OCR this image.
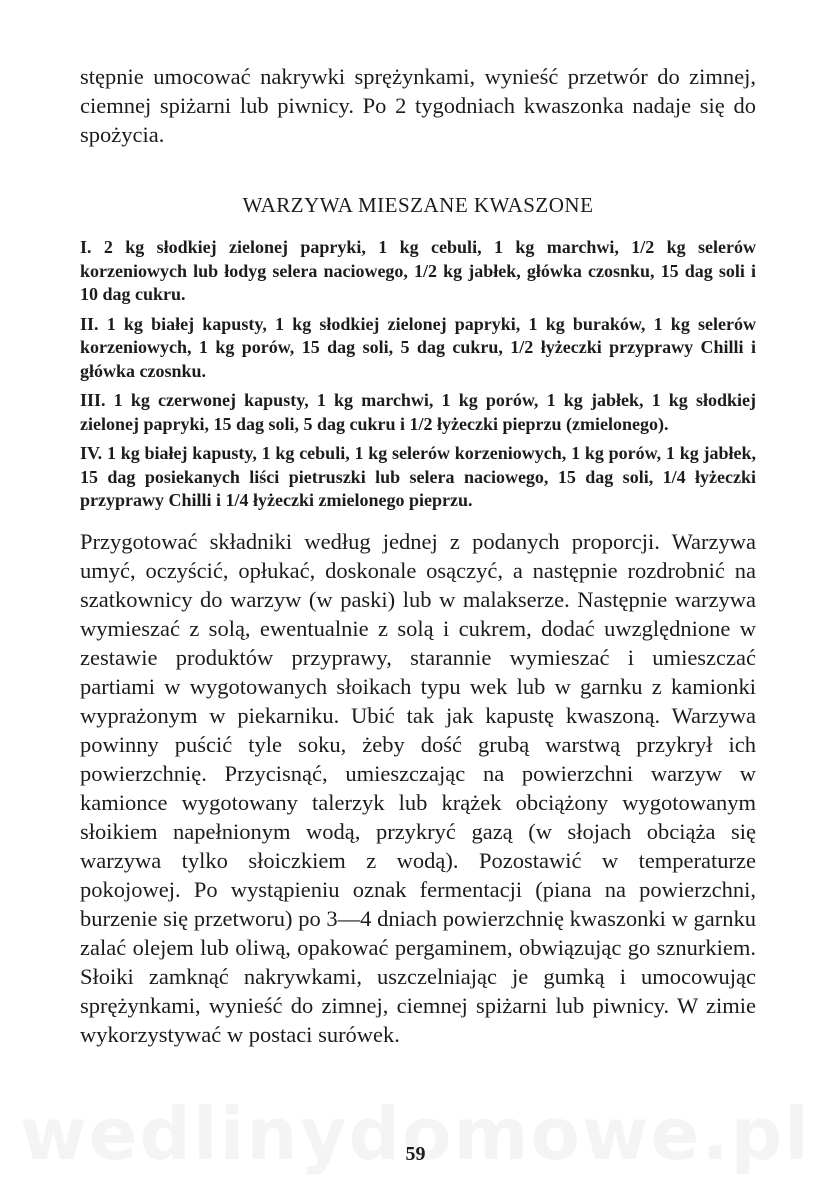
stępnie umocować nakrywki sprężynkami, wynieść przetwór do zimnej, ciemnej spiżarni lub piwnicy. Po 2 tygodniach kwaszonka nadaje się do spożycia.

WARZYWA MIESZANE KWASZONE
I. 2 kg słodkiej zielonej papryki, 1 kg cebuli, 1 kg marchwi, 1/2 kg selerów korzeniowych lub łodyg selera naciowego, 1/2 kg jabłek, główka czosnku, 15 dag soli i 10 dag cukru.
II. 1 kg białej kapusty, 1 kg słodkiej zielonej papryki, 1 kg buraków, 1 kg selerów korzeniowych, 1 kg porów, 15 dag soli, 5 dag cukru, 1/2 łyżeczki przyprawy Chilli i główka czosnku.
III. 1 kg czerwonej kapusty, 1 kg marchwi, 1 kg porów, 1 kg jabłek, 1 kg słodkiej zielonej papryki, 15 dag soli, 5 dag cukru i 1/2 łyżeczki pieprzu (zmielonego).
IV. 1 kg białej kapusty, 1 kg cebuli, 1 kg selerów korzeniowych, 1 kg porów, 1 kg jabłek, 15 dag posiekanych liści pietruszki lub selera naciowego, 15 dag soli, 1/4 łyżeczki przyprawy Chilli i 1/4 łyżeczki zmielonego pieprzu.

Przygotować składniki według jednej z podanych proporcji. Warzywa umyć, oczyścić, opłukać, doskonale osączyć, a następnie rozdrobnić na szatkownicy do warzyw (w paski) lub w malakserze. Następnie warzywa wymieszać z solą, ewentualnie z solą i cukrem, dodać uwzględnione w zestawie produktów przyprawy, starannie wymieszać i umieszczać partiami w wygotowanych słoikach typu wek lub w garnku z kamionki wyprażonym w piekarniku. Ubić tak jak kapustę kwaszoną. Warzywa powinny puścić tyle soku, żeby dość grubą warstwą przykrył ich powierzchnię. Przycisnąć, umieszczając na powierzchni warzyw w kamionce wygotowany talerzyk lub krążek obciążony wygotowanym słoikiem napełnionym wodą, przykryć gazą (w słojach obciąża się warzywa tylko słoiczkiem z wodą). Pozostawić w temperaturze pokojowej. Po wystąpieniu oznak fermentacji (piana na powierzchni, burzenie się przetworu) po 3—4 dniach powierzchnię kwaszonki w garnku zalać olejem lub oliwą, opakować pergaminem, obwiązując go sznurkiem. Słoiki zamknąć nakrywkami, uszczelniając je gumką i umocowując sprężynkami, wynieść do zimnej, ciemnej spiżarni lub piwnicy. W zimie wykorzystywać w postaci surówek.

59
